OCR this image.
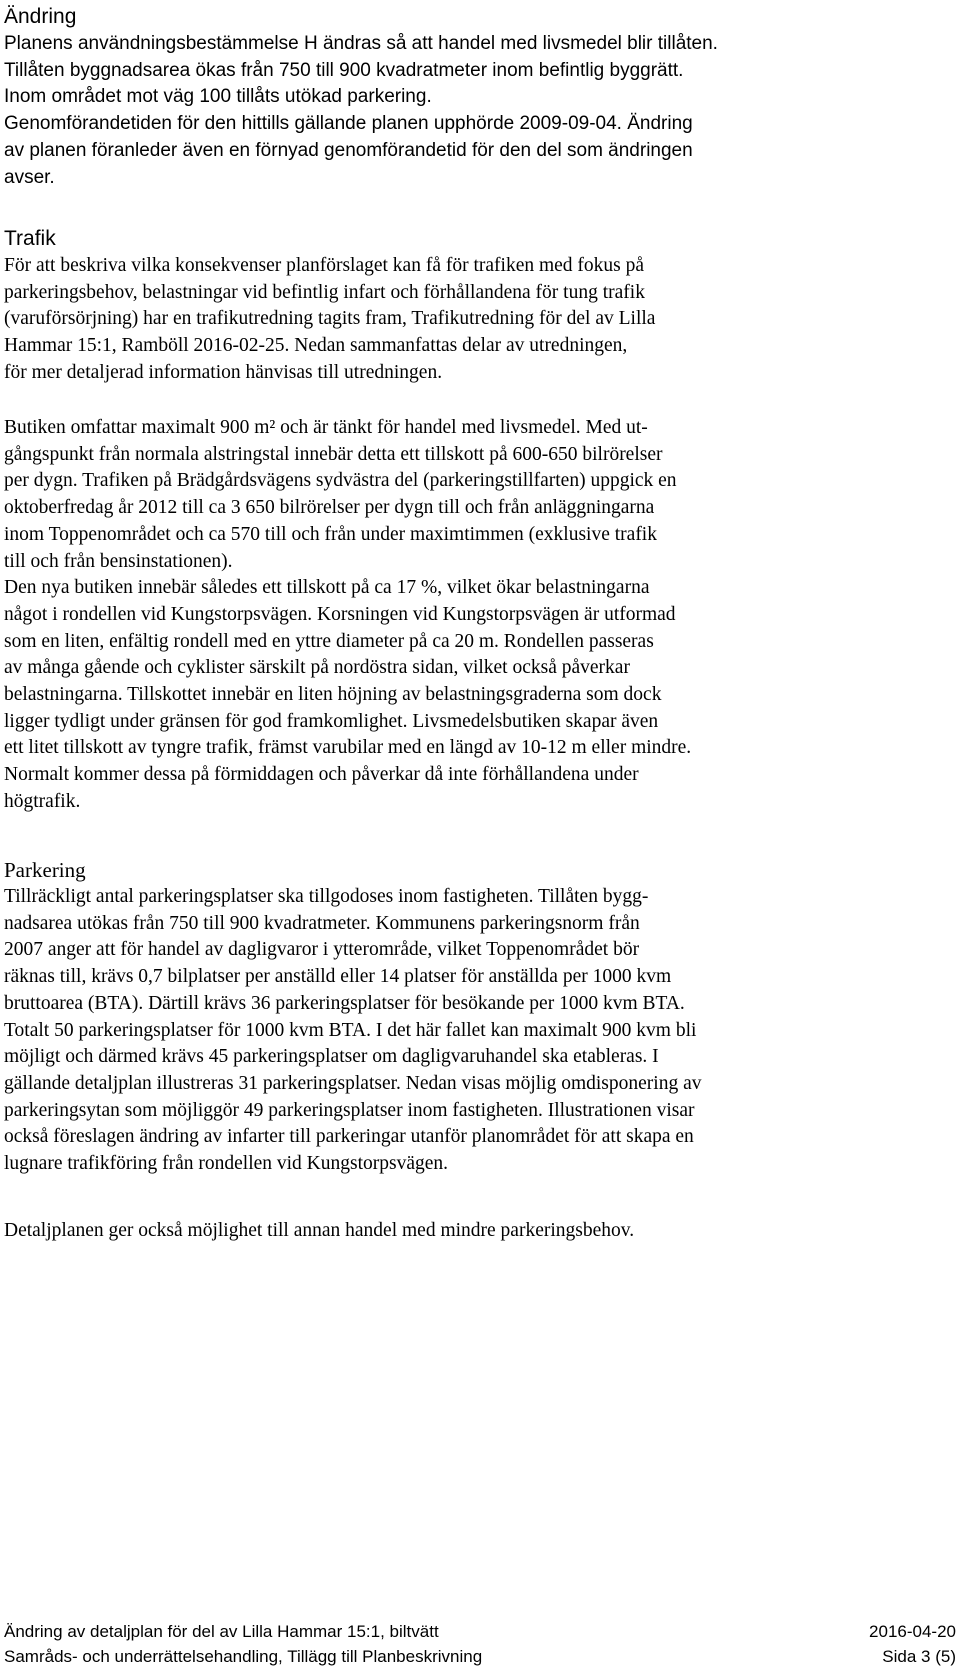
Ändring
Planens användningsbestämmelse H ändras så att handel med livsmedel blir tillåten.
Tillåten byggnadsarea ökas från 750 till 900 kvadratmeter inom befintlig byggrätt.
Inom området mot väg 100 tillåts utökad parkering.
Genomförandetiden för den hittills gällande planen upphörde 2009-09-04. Ändring
av planen föranleder även en förnyad genomförandetid för den del som ändringen
avser.
Trafik
För att beskriva vilka konsekvenser planförslaget kan få för trafiken med fokus på
parkeringsbehov, belastningar vid befintlig infart och förhållandena för tung trafik
(varuförsörjning) har en trafikutredning tagits fram, Trafikutredning för del av Lilla
Hammar 15:1, Ramböll 2016-02-25. Nedan sammanfattas delar av utredningen,
för mer detaljerad information hänvisas till utredningen.
Butiken omfattar maximalt 900 m² och är tänkt för handel med livsmedel. Med ut-
gångspunkt från normala alstringstal innebär detta ett tillskott på 600-650 bilrörelser
per dygn. Trafiken på Brädgårdsvägens sydvästra del (parkeringstillfarten) uppgick en
oktoberfredag år 2012 till ca 3 650 bilrörelser per dygn till och från anläggningarna
inom Toppenområdet och ca 570 till och från under maximtimmen (exklusive trafik
till och från bensinstationen).
Den nya butiken innebär således ett tillskott på ca 17 %, vilket ökar belastningarna
något i rondellen vid Kungstorpsvägen. Korsningen vid Kungstorpsvägen är utformad
som en liten, enfältig rondell med en yttre diameter på ca 20 m. Rondellen passeras
av många gående och cyklister särskilt på nordöstra sidan, vilket också påverkar
belastningarna. Tillskottet innebär en liten höjning av belastningsgraderna som dock
ligger tydligt under gränsen för god framkomlighet. Livsmedelsbutiken skapar även
ett litet tillskott av tyngre trafik, främst varubilar med en längd av 10-12 m eller mindre.
Normalt kommer dessa på förmiddagen och påverkar då inte förhållandena under
högtrafik.
Parkering
Tillräckligt antal parkeringsplatser ska tillgodoses inom fastigheten. Tillåten bygg-
nadsarea utökas från 750 till 900 kvadratmeter. Kommunens parkeringsnorm från
2007 anger att för handel av dagligvaror i ytterområde, vilket Toppenområdet bör
räknas till, krävs 0,7 bilplatser per anställd eller 14 platser för anställda per 1000 kvm
bruttoarea (BTA). Därtill krävs 36 parkeringsplatser för besökande per 1000 kvm BTA.
Totalt 50 parkeringsplatser för 1000 kvm BTA. I det här fallet kan maximalt 900 kvm bli
möjligt och därmed krävs 45 parkeringsplatser om dagligvaruhandel ska etableras. I
gällande detaljplan illustreras 31 parkeringsplatser. Nedan visas möjlig omdisponering av
parkeringsytan som möjliggör 49 parkeringsplatser inom fastigheten. Illustrationen visar
också föreslagen ändring av infarter till parkeringar utanför planområdet för att skapa en
lugnare trafikföring från rondellen vid Kungstorpsvägen.
Detaljplanen ger också möjlighet till annan handel med mindre parkeringsbehov.
Ändring av detaljplan för del av Lilla Hammar 15:1, biltvätt	2016-04-20
Samråds- och underrättelsehandling, Tillägg till Planbeskrivning	Sida 3 (5)
